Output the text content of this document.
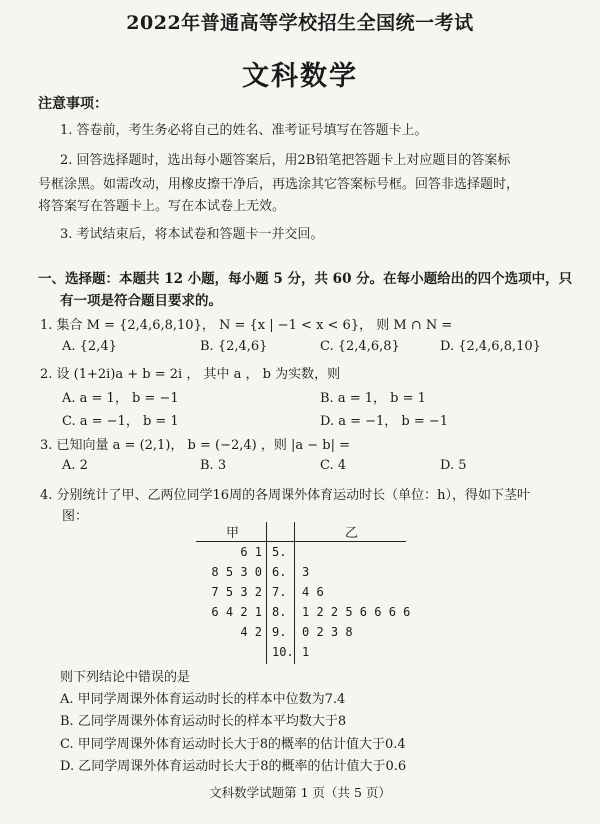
2022年普通高等学校招生全国统一考试
文科数学
注意事项：
1. 答卷前，考生务必将自己的姓名、准考证号填写在答题卡上。
2. 回答选择题时，选出每小题答案后，用2B铅笔把答题卡上对应题目的答案标
号框涂黑。如需改动，用橡皮擦干净后，再选涂其它答案标号框。回答非选择题时，
将答案写在答题卡上。写在本试卷上无效。
3. 考试结束后，将本试卷和答题卡一并交回。
一、选择题：本题共 12 小题，每小题 5 分，共 60 分。在每小题给出的四个选项中，只
有一项是符合题目要求的。
1. 集合 M = {2,4,6,8,10}， N = {x | −1 < x < 6}， 则 M ∩ N =
A. {2,4}	B. {2,4,6}	C. {2,4,6,8}	D. {2,4,6,8,10}
2. 设 (1+2i)a + b = 2i ， 其中 a ， b 为实数，则
A. a = 1， b = −1	B. a = 1， b = 1
C. a = −1， b = 1	D. a = −1， b = −1
3. 已知向量 a = (2,1)， b = (−2,4) ，则 |a − b| =
A. 2	B. 3	C. 4	D. 5
4. 分别统计了甲、乙两位同学16周的各周课外体育运动时长（单位：h），得如下茎叶
图：
甲	乙
6 1 5.
8 5 3 0 6. 3
7 5 3 2 7. 4 6
6 4 2 1 8. 1 2 2 5 6 6 6 6
4 2 9. 0 2 3 8
10. 1
则下列结论中错误的是
A. 甲同学周课外体育运动时长的样本中位数为7.4
B. 乙同学周课外体育运动时长的样本平均数大于8
C. 甲同学周课外体育运动时长大于8的概率的估计值大于0.4
D. 乙同学周课外体育运动时长大于8的概率的估计值大于0.6
文科数学试题第 1 页（共 5 页）
